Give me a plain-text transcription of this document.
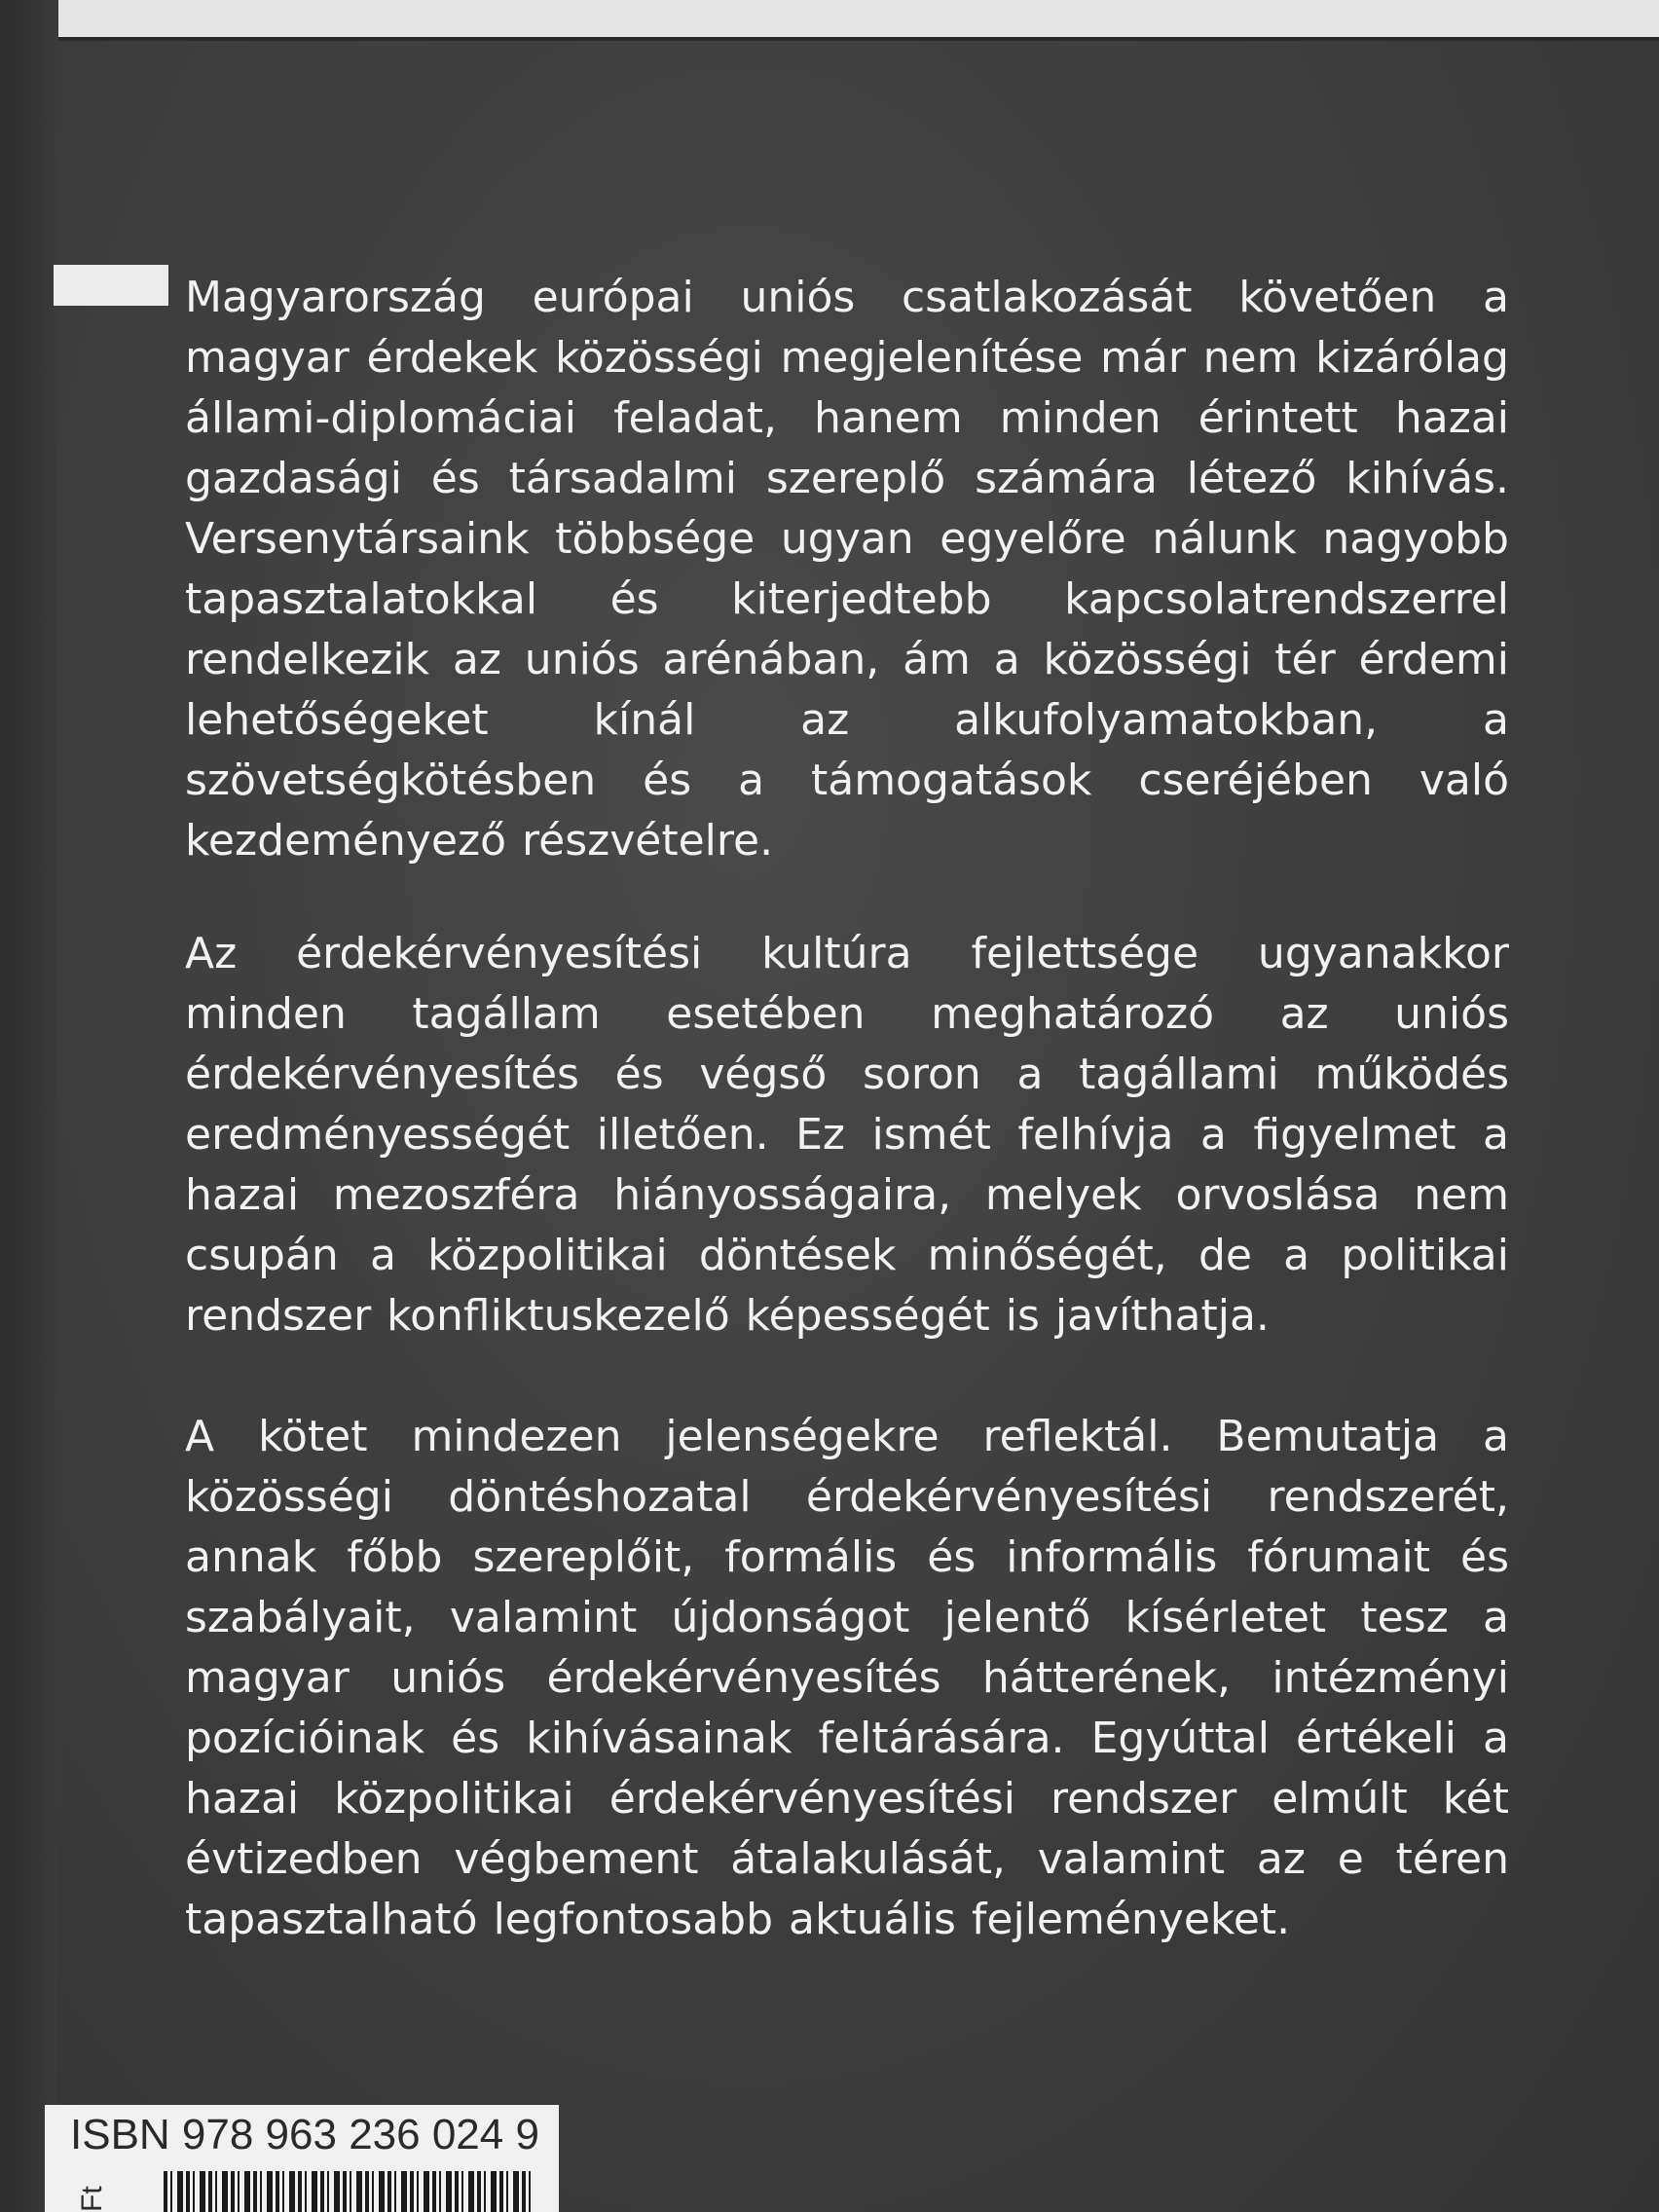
Magyarország európai uniós csatlakozását követően a magyar érdekek közösségi megjelenítése már nem kizárólag állami-diplomáciai feladat, hanem minden érintett hazai gazdasági és társadalmi szereplő számára létező kihívás. Versenytársaink többsége ugyan egyelőre nálunk nagyobb tapasztalatokkal és kiterjedtebb kapcsolatrendszerrel rendelkezik az uniós arénában, ám a közösségi tér érdemi lehetőségeket kínál az alkufolyamatokban, a szövetségkötésben és a támogatások cseréjében való kezdeményező részvételre.

Az érdekérvényesítési kultúra fejlettsége ugyanakkor minden tagállam esetében meghatározó az uniós érdekérvényesítés és végső soron a tagállami működés eredményességét illetően. Ez ismét felhívja a figyelmet a hazai mezoszféra hiányosságaira, melyek orvoslása nem csupán a közpolitikai döntések minőségét, de a politikai rendszer konfliktuskezelő képességét is javíthatja.

A kötet mindezen jelenségekre reflektál. Bemutatja a közösségi döntéshozatal érdekérvényesítési rendszerét, annak főbb szereplőit, formális és informális fórumait és szabályait, valamint újdonságot jelentő kísérletet tesz a magyar uniós érdekérvényesítés hátterének, intézményi pozícióinak és kihívásainak feltárására. Egyúttal értékeli a hazai közpolitikai érdekérvényesítési rendszer elmúlt két évtizedben végbement átalakulását, valamint az e téren tapasztalható legfontosabb aktuális fejleményeket.

ISBN 978 963 236 024 9
Ft
